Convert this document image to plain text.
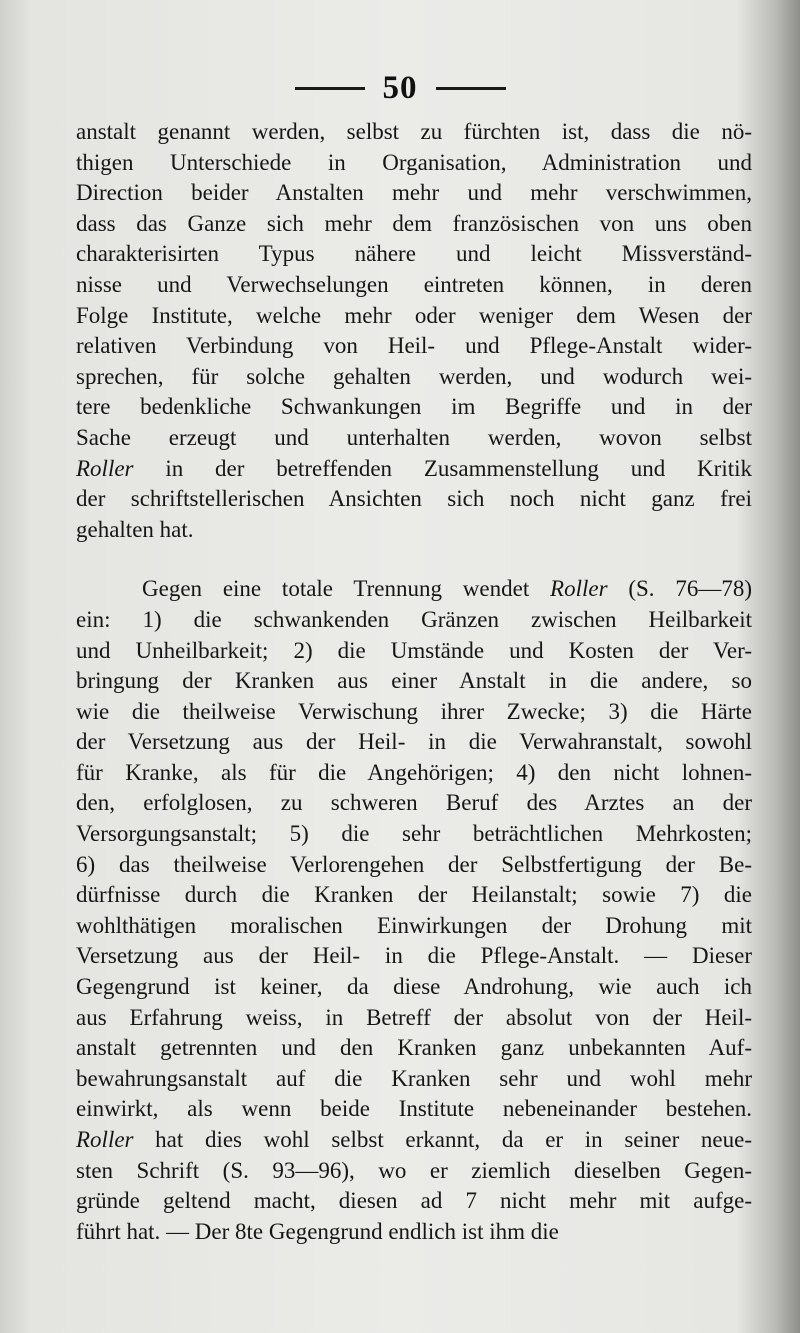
50
anstalt genannt werden, selbst zu fürchten ist, dass die nö-
thigen Unterschiede in Organisation, Administration und
Direction beider Anstalten mehr und mehr verschwimmen,
dass das Ganze sich mehr dem französischen von uns oben
charakterisirten Typus nähere und leicht Missverständ-
nisse und Verwechselungen eintreten können, in deren
Folge Institute, welche mehr oder weniger dem Wesen der
relativen Verbindung von Heil- und Pflege-Anstalt wider-
sprechen, für solche gehalten werden, und wodurch wei-
tere bedenkliche Schwankungen im Begriffe und in der
Sache erzeugt und unterhalten werden, wovon selbst
Roller in der betreffenden Zusammenstellung und Kritik
der schriftstellerischen Ansichten sich noch nicht ganz frei
gehalten hat.
Gegen eine totale Trennung wendet Roller (S. 76—78)
ein: 1) die schwankenden Gränzen zwischen Heilbarkeit
und Unheilbarkeit; 2) die Umstände und Kosten der Ver-
bringung der Kranken aus einer Anstalt in die andere, so
wie die theilweise Verwischung ihrer Zwecke; 3) die Härte
der Versetzung aus der Heil- in die Verwahranstalt, sowohl
für Kranke, als für die Angehörigen; 4) den nicht lohnen-
den, erfolglosen, zu schweren Beruf des Arztes an der
Versorgungsanstalt; 5) die sehr beträchtlichen Mehrkosten;
6) das theilweise Verlorengehen der Selbstfertigung der Be-
dürfnisse durch die Kranken der Heilanstalt; sowie 7) die
wohlthätigen moralischen Einwirkungen der Drohung mit
Versetzung aus der Heil- in die Pflege-Anstalt. — Dieser
Gegengrund ist keiner, da diese Androhung, wie auch ich
aus Erfahrung weiss, in Betreff der absolut von der Heil-
anstalt getrennten und den Kranken ganz unbekannten Auf-
bewahrungsanstalt auf die Kranken sehr und wohl mehr
einwirkt, als wenn beide Institute nebeneinander bestehen.
Roller hat dies wohl selbst erkannt, da er in seiner neue-
sten Schrift (S. 93—96), wo er ziemlich dieselben Gegen-
gründe geltend macht, diesen ad 7 nicht mehr mit aufge-
führt hat. — Der 8te Gegengrund endlich ist ihm die
